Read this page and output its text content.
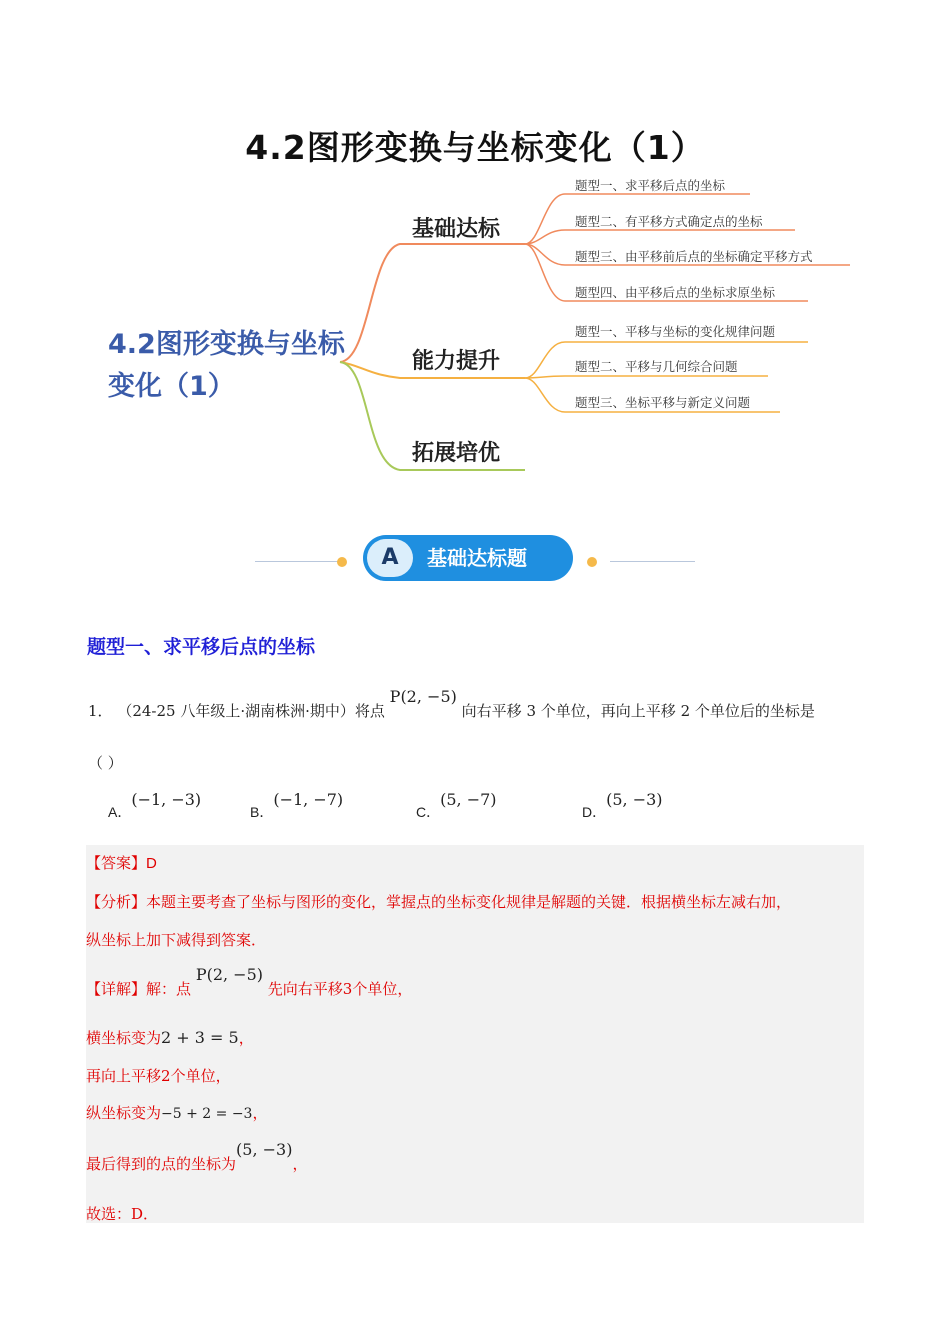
4.2图形变换与坐标变化（1）
4.2图形变换与坐标变化（1）
基础达标
能力提升
拓展培优
题型一、求平移后点的坐标
题型二、有平移方式确定点的坐标
题型三、由平移前后点的坐标确定平移方式
题型四、由平移后点的坐标求原坐标
题型一、平移与坐标的变化规律问题
题型二、平移与几何综合问题
题型三、坐标平移与新定义问题
A	基础达标题
题型一、求平移后点的坐标
1． （24-25 八年级上·湖南株洲·期中）将点 P(2, −5) 向右平移 3 个单位，再向上平移 2 个单位后的坐标是
（ ）
A．(−1, −3)
B．(−1, −7)
C．(5, −7)
D．(5, −3)
【答案】D
【分析】本题主要考查了坐标与图形的变化，掌握点的坐标变化规律是解题的关键．根据横坐标左减右加，
纵坐标上加下减得到答案．
【详解】解：点 P(2, −5) 先向右平移3个单位，
横坐标变为2 + 3 = 5，
再向上平移2个单位，
纵坐标变为−5 + 2 = −3，
最后得到的点的坐标为(5, −3)，
故选：D．
